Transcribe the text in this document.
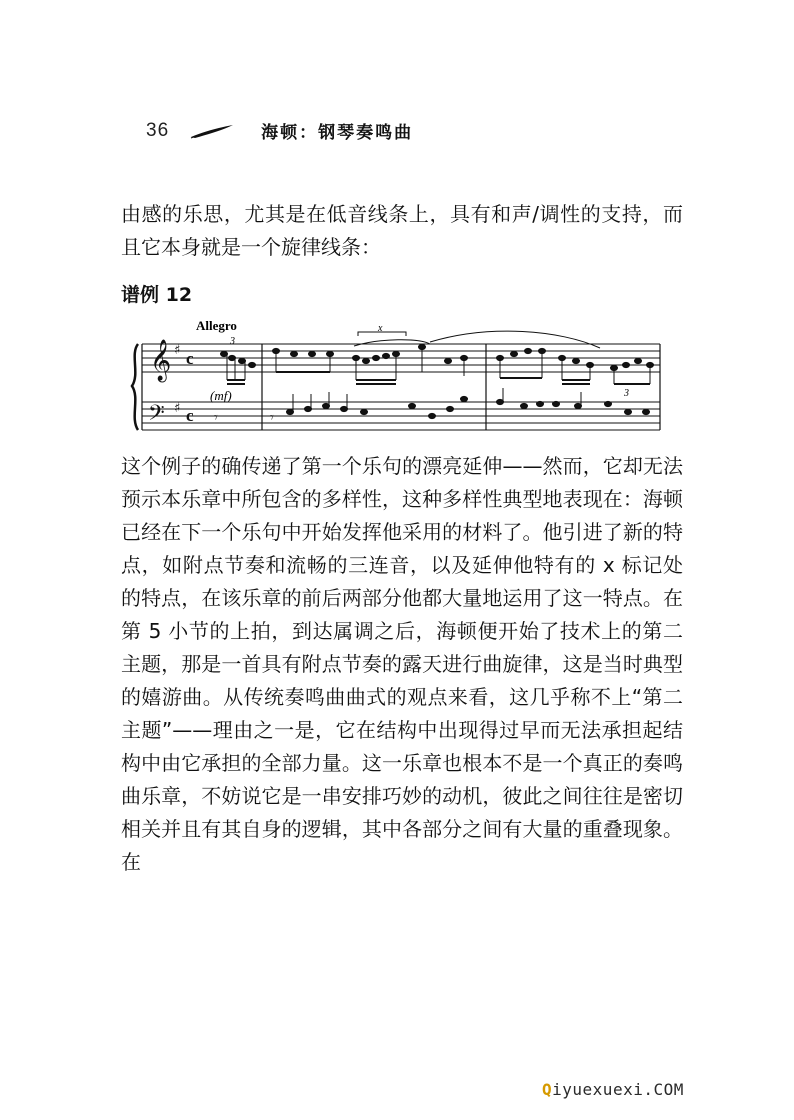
36	海顿：钢琴奏鸣曲

由感的乐思，尤其是在低音线条上，具有和声/调性的支持，而且它本身就是一个旋律线条：

谱例 12

𝄞
𝄢
♯
♯
c
c
Allegro
(mf)
3
x
3
𝄾	𝄾

这个例子的确传递了第一个乐句的漂亮延伸——然而，它却无法预示本乐章中所包含的多样性，这种多样性典型地表现在：海顿已经在下一个乐句中开始发挥他采用的材料了。他引进了新的特点，如附点节奏和流畅的三连音，以及延伸他特有的 x 标记处的特点，在该乐章的前后两部分他都大量地运用了这一特点。在第 5 小节的上拍，到达属调之后，海顿便开始了技术上的第二主题，那是一首具有附点节奏的露天进行曲旋律，这是当时典型的嬉游曲。从传统奏鸣曲曲式的观点来看，这几乎称不上“第二主题”——理由之一是，它在结构中出现得过早而无法承担起结构中由它承担的全部力量。这一乐章也根本不是一个真正的奏鸣曲乐章，不妨说它是一串安排巧妙的动机，彼此之间往往是密切相关并且有其自身的逻辑，其中各部分之间有大量的重叠现象。在

Qiyuexuexi.COM
